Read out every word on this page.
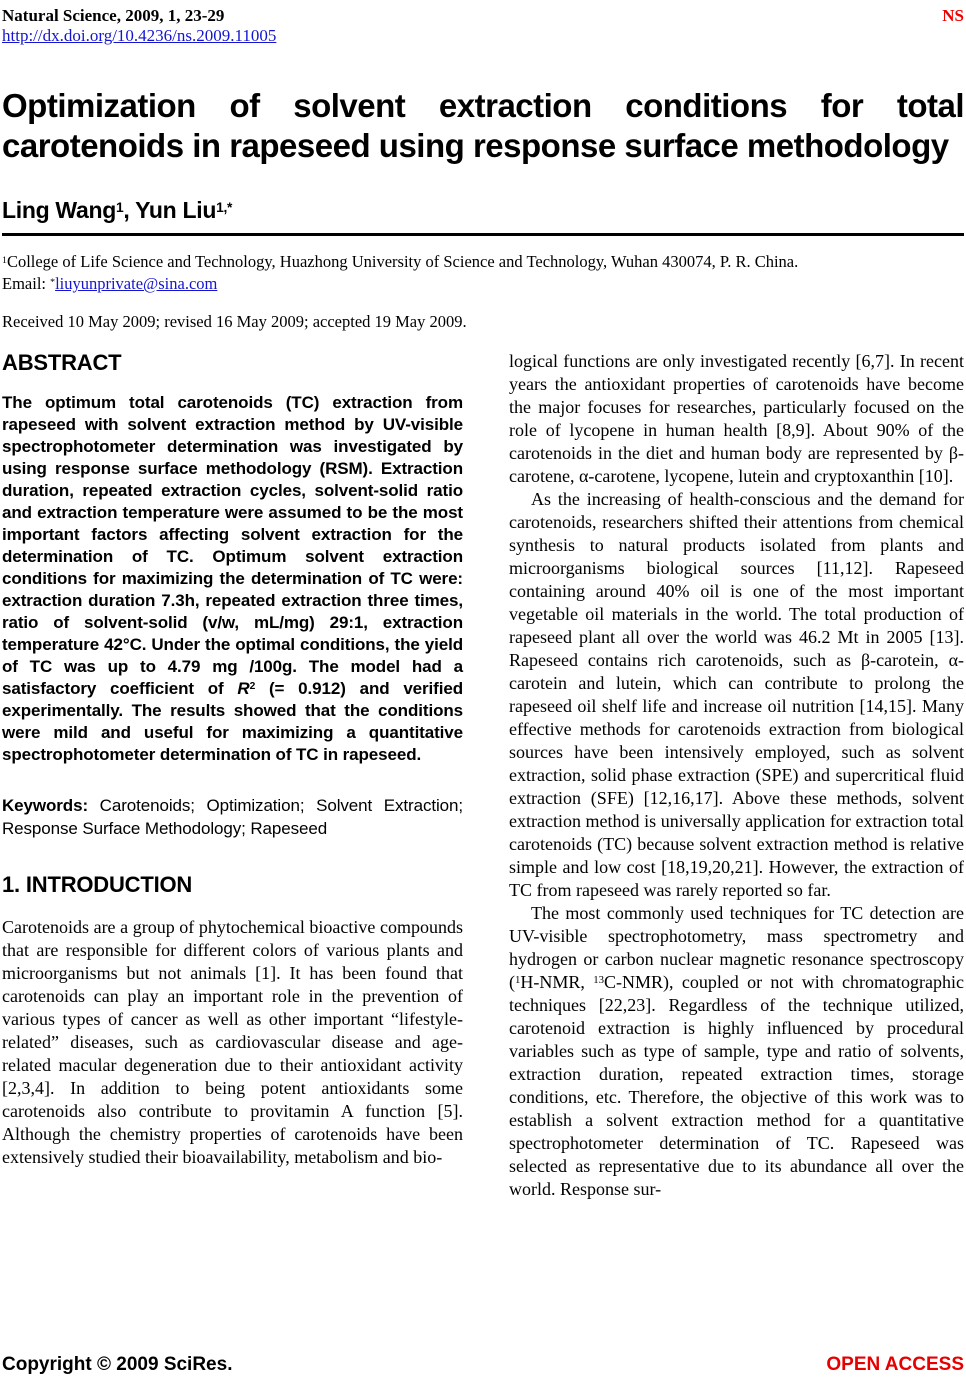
Natural Science, 2009, 1, 23-29	NS
http://dx.doi.org/10.4236/ns.2009.11005
Optimization of solvent extraction conditions for total carotenoids in rapeseed using response surface methodology
Ling Wang$^1$, Yun Liu$^{1,*}$
$^1$College of Life Science and Technology, Huazhong University of Science and Technology, Wuhan 430074, P. R. China.
Email: *liuyunprivate@sina.com
Received 10 May 2009; revised 16 May 2009; accepted 19 May 2009.
ABSTRACT

The optimum total carotenoids (TC) extraction from rapeseed with solvent extraction method by UV-visible spectrophotometer determination was investigated by using response surface methodology (RSM). Extraction duration, repeated extraction cycles, solvent-solid ratio and extraction temperature were assumed to be the most important factors affecting solvent extraction for the determination of TC. Optimum solvent extraction conditions for maximizing the determination of TC were: extraction duration 7.3h, repeated extraction three times, ratio of solvent-solid (v/w, mL/mg) 29:1, extraction temperature 42°C. Under the optimal conditions, the yield of TC was up to 4.79 mg /100g. The model had a satisfactory coefficient of $R^2$ (= 0.912) and verified experimentally. The results showed that the conditions were mild and useful for maximizing a quantitative spectrophotometer determination of TC in rapeseed.

Keywords: Carotenoids; Optimization; Solvent Extraction; Response Surface Methodology; Rapeseed

1. INTRODUCTION

Carotenoids are a group of phytochemical bioactive compounds that are responsible for different colors of various plants and microorganisms but not animals [1]. It has been found that carotenoids can play an important role in the prevention of various types of cancer as well as other important “lifestyle- related” diseases, such as cardiovascular disease and age-related macular degeneration due to their antioxidant activity [2,3,4]. In addition to being potent antioxidants some carotenoids also contribute to provitamin A function [5]. Although the chemistry properties of carotenoids have been extensively studied their bioavailability, metabolism and bio-

logical functions are only investigated recently [6,7]. In recent years the antioxidant properties of carotenoids have become the major focuses for researches, particularly focused on the role of lycopene in human health [8,9]. About 90% of the carotenoids in the diet and human body are represented by β-carotene, α-carotene, lycopene, lutein and cryptoxanthin [10].

As the increasing of health-conscious and the demand for carotenoids, researchers shifted their attentions from chemical synthesis to natural products isolated from plants and microorganisms biological sources [11,12]. Rapeseed containing around 40% oil is one of the most important vegetable oil materials in the world. The total production of rapeseed plant all over the world was 46.2 Mt in 2005 [13]. Rapeseed contains rich carotenoids, such as β-carotein, α-carotein and lutein, which can contribute to prolong the rapeseed oil shelf life and increase oil nutrition [14,15]. Many effective methods for carotenoids extraction from biological sources have been intensively employed, such as solvent extraction, solid phase extraction (SPE) and supercritical fluid extraction (SFE) [12,16,17]. Above these methods, solvent extraction method is universally application for extraction total carotenoids (TC) because solvent extraction method is relative simple and low cost [18,19,20,21]. However, the extraction of TC from rapeseed was rarely reported so far.

The most commonly used techniques for TC detection are UV-visible spectrophotometry, mass spectrometry and hydrogen or carbon nuclear magnetic resonance spectroscopy ($^1$H-NMR, $^{13}$C-NMR), coupled or not with chromatographic techniques [22,23]. Regardless of the technique utilized, carotenoid extraction is highly influenced by procedural variables such as type of sample, type and ratio of solvents, extraction duration, repeated extraction times, storage conditions, etc. Therefore, the objective of this work was to establish a solvent extraction method for a quantitative spectrophotometer determination of TC. Rapeseed was selected as representative due to its abundance all over the world. Response sur-

Copyright © 2009 SciRes.	OPEN ACCESS
